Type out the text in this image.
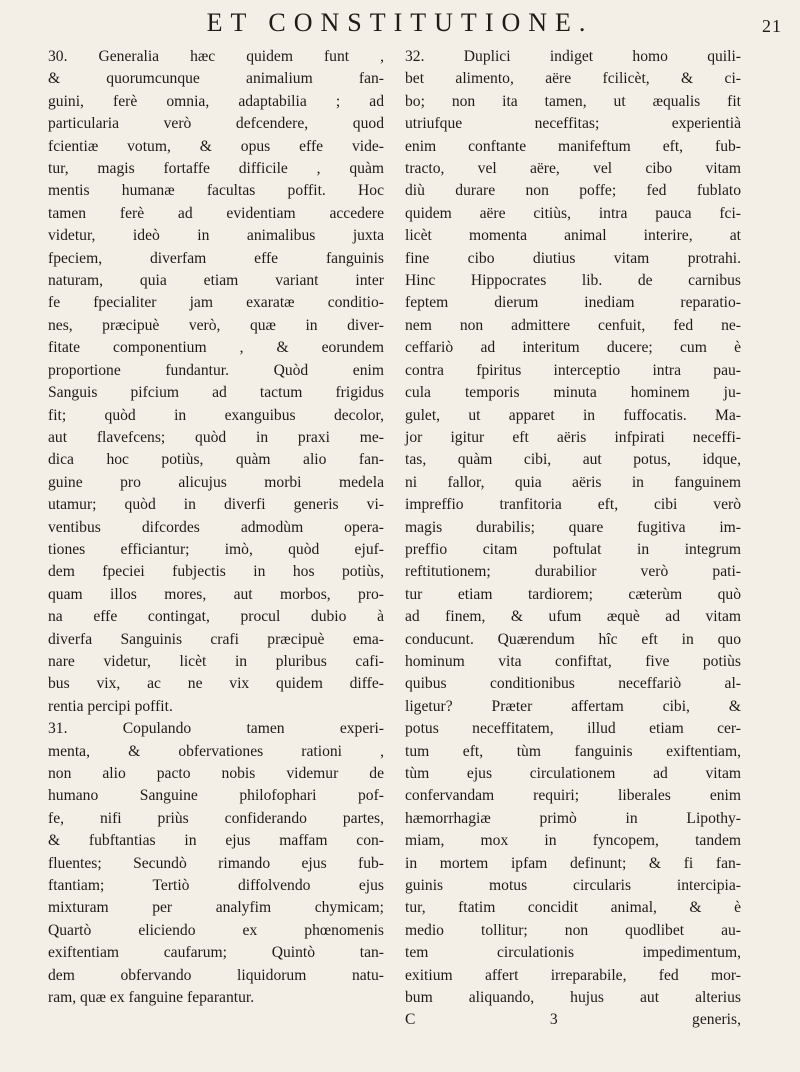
ET CONSTITUTIONE.	21
30. Generalia hæc quidem funt ,
& quorumcunque animalium fan-
guini, ferè omnia, adaptabilia ; ad
particularia verò defcendere, quod
fcientiæ votum, & opus effe vide-
tur, magis fortaffe difficile , quàm
mentis humanæ facultas poffit. Hoc
tamen ferè ad evidentiam accedere
videtur, ideò in animalibus juxta
fpeciem, diverfam effe fanguinis
naturam, quia etiam variant inter
fe fpecialiter jam exaratæ conditio-
nes, præcipuè verò, quæ in diver-
fitate componentium , & eorundem
proportione fundantur. Quòd enim
Sanguis pifcium ad tactum frigidus
fit; quòd in exanguibus decolor,
aut flavefcens; quòd in praxi me-
dica hoc potiùs, quàm alio fan-
guine pro alicujus morbi medela
utamur; quòd in diverfi generis vi-
ventibus difcordes admodùm opera-
tiones efficiantur; imò, quòd ejuf-
dem fpeciei fubjectis in hos potiùs,
quam illos mores, aut morbos, pro-
na effe contingat, procul dubio à
diverfa Sanguinis crafi præcipuè ema-
nare videtur, licèt in pluribus cafi-
bus vix, ac ne vix quidem diffe-
rentia percipi poffit.
31. Copulando tamen experi-
menta, & obfervationes rationi ,
non alio pacto nobis videmur de
humano Sanguine philofophari pof-
fe, nifi priùs confiderando partes,
& fubftantias in ejus maffam con-
fluentes; Secundò rimando ejus fub-
ftantiam; Tertiò diffolvendo ejus
mixturam per analyfim chymicam;
Quartò eliciendo ex phœnomenis
exiftentiam caufarum; Quintò tan-
dem obfervando liquidorum natu-
ram, quæ ex fanguine feparantur.
32. Duplici indiget homo quili-
bet alimento, aëre fcilicèt, & ci-
bo; non ita tamen, ut æqualis fit
utriufque neceffitas; experientià
enim conftante manifeftum eft, fub-
tracto, vel aëre, vel cibo vitam
diù durare non poffe; fed fublato
quidem aëre citiùs, intra pauca fci-
licèt momenta animal interire, at
fine cibo diutius vitam protrahi.
Hinc Hippocrates lib. de carnibus
feptem dierum inediam reparatio-
nem non admittere cenfuit, fed ne-
ceffariò ad interitum ducere; cum è
contra fpiritus interceptio intra pau-
cula temporis minuta hominem ju-
gulet, ut apparet in fuffocatis. Ma-
jor igitur eft aëris infpirati neceffi-
tas, quàm cibi, aut potus, idque,
ni fallor, quia aëris in fanguinem
impreffio tranfitoria eft, cibi verò
magis durabilis; quare fugitiva im-
preffio citam poftulat in integrum
reftitutionem; durabilior verò pati-
tur etiam tardiorem; cæterùm quò
ad finem, & ufum æquè ad vitam
conducunt. Quærendum hîc eft in quo
hominum vita confiftat, five potiùs
quibus conditionibus neceffariò al-
ligetur? Præter affertam cibi, &
potus neceffitatem, illud etiam cer-
tum eft, tùm fanguinis exiftentiam,
tùm ejus circulationem ad vitam
confervandam requiri; liberales enim
hæmorrhagiæ primò in Lipothy-
miam, mox in fyncopem, tandem
in mortem ipfam definunt; & fi fan-
guinis motus circularis intercipia-
tur, ftatim concidit animal, & è
medio tollitur; non quodlibet au-
tem circulationis impedimentum,
exitium affert irreparabile, fed mor-
bum aliquando, hujus aut alterius
C 3 generis,
